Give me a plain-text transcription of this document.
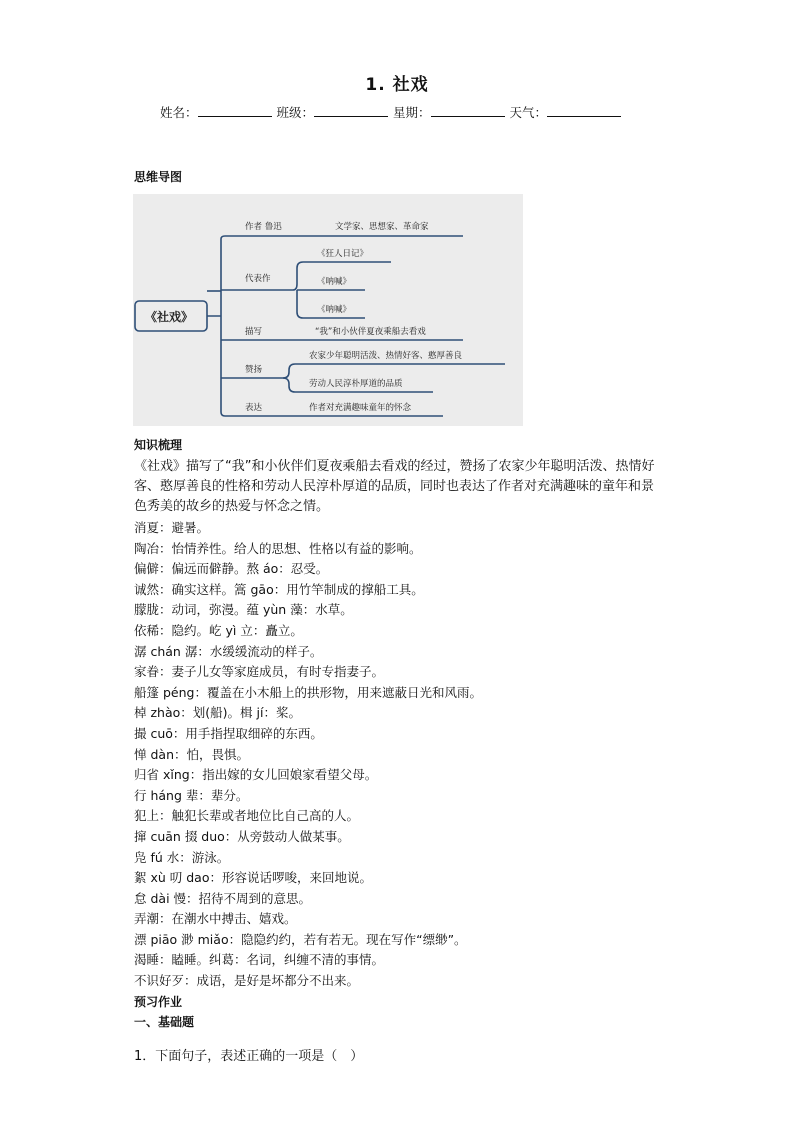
1. 社戏
姓名：	班级：	星期：	天气：
思维导图
《社戏》
作者 鲁迅	文学家、思想家、革命家
代表作
《狂人日记》
《呐喊》
《呐喊》
描写	“我”和小伙伴夏夜乘船去看戏
赞扬
农家少年聪明活泼、热情好客、憨厚善良
劳动人民淳朴厚道的品质
表达	作者对充满趣味童年的怀念
知识梳理
《社戏》描写了“我”和小伙伴们夏夜乘船去看戏的经过，赞扬了农家少年聪明活泼、热情好客、憨厚善良的性格和劳动人民淳朴厚道的品质，同时也表达了作者对充满趣味的童年和景色秀美的故乡的热爱与怀念之情。
消夏：避暑。
陶冶：怡情养性。给人的思想、性格以有益的影响。
偏僻：偏远而僻静。熬 áo：忍受。
诚然：确实这样。篙 gāo：用竹竿制成的撑船工具。
朦胧：动词，弥漫。蕴 yùn 藻：水草。
依稀：隐约。屹 yì 立：矗立。
潺 chán 潺：水缓缓流动的样子。
家眷：妻子儿女等家庭成员，有时专指妻子。
船篷 péng：覆盖在小木船上的拱形物，用来遮蔽日光和风雨。
棹 zhào：划(船)。楫 jí：桨。
撮 cuō：用手指捏取细碎的东西。
惮 dàn：怕，畏惧。
归省 xǐng：指出嫁的女儿回娘家看望父母。
行 háng 辈：辈分。
犯上：触犯长辈或者地位比自己高的人。
撺 cuān 掇 duo：从旁鼓动人做某事。
凫 fú 水：游泳。
絮 xù 叨 dao：形容说话啰唆，来回地说。
怠 dài 慢：招待不周到的意思。
弄潮：在潮水中搏击、嬉戏。
漂 piāo 渺 miǎo：隐隐约约，若有若无。现在写作“缥缈”。
渴睡：瞌睡。纠葛：名词，纠缠不清的事情。
不识好歹：成语，是好是坏都分不出来。
预习作业
一、基础题
1．下面句子，表述正确的一项是（　）
